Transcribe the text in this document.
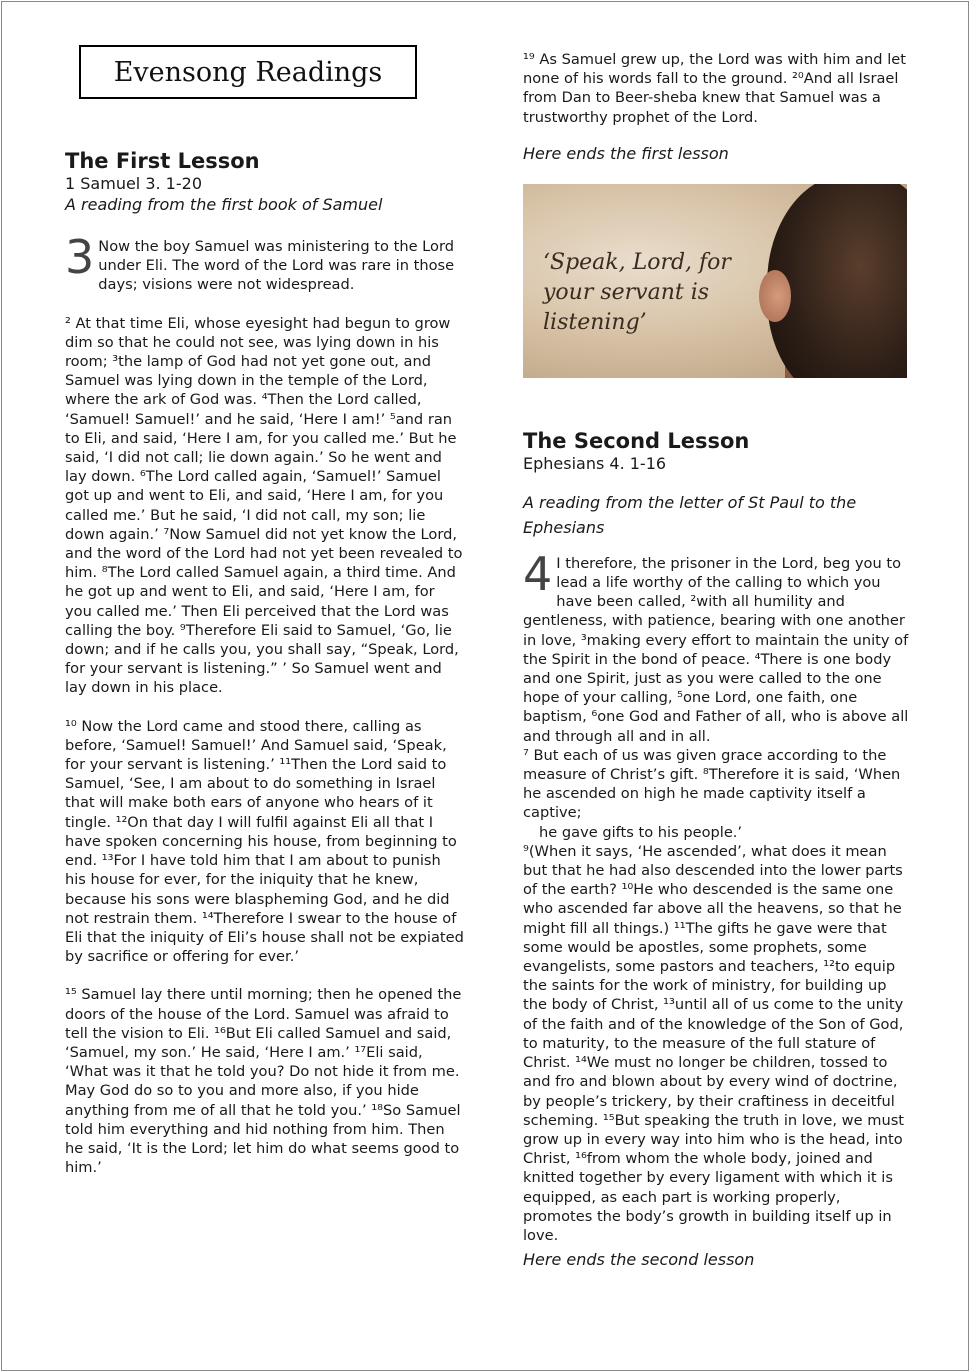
Evensong Readings

The First Lesson

1 Samuel 3. 1-20

A reading from the first book of Samuel

3 Now the boy Samuel was ministering to the Lord under Eli. The word of the Lord was rare in those days; visions were not widespread.

² At that time Eli, whose eyesight had begun to grow dim so that he could not see, was lying down in his room; ³the lamp of God had not yet gone out, and Samuel was lying down in the temple of the Lord, where the ark of God was. ⁴Then the Lord called, ‘Samuel! Samuel!’ and he said, ‘Here I am!’ ⁵and ran to Eli, and said, ‘Here I am, for you called me.’ But he said, ‘I did not call; lie down again.’ So he went and lay down. ⁶The Lord called again, ‘Samuel!’ Samuel got up and went to Eli, and said, ‘Here I am, for you called me.’ But he said, ‘I did not call, my son; lie down again.’ ⁷Now Samuel did not yet know the Lord, and the word of the Lord had not yet been revealed to him. ⁸The Lord called Samuel again, a third time. And he got up and went to Eli, and said, ‘Here I am, for you called me.’ Then Eli perceived that the Lord was calling the boy. ⁹Therefore Eli said to Samuel, ‘Go, lie down; and if he calls you, you shall say, “Speak, Lord, for your servant is listening.” ’ So Samuel went and lay down in his place.

¹⁰ Now the Lord came and stood there, calling as before, ‘Samuel! Samuel!’ And Samuel said, ‘Speak, for your servant is listening.’ ¹¹Then the Lord said to Samuel, ‘See, I am about to do something in Israel that will make both ears of anyone who hears of it tingle. ¹²On that day I will fulfil against Eli all that I have spoken concerning his house, from beginning to end. ¹³For I have told him that I am about to punish his house for ever, for the iniquity that he knew, because his sons were blaspheming God, and he did not restrain them. ¹⁴Therefore I swear to the house of Eli that the iniquity of Eli’s house shall not be expiated by sacrifice or offering for ever.’

¹⁵ Samuel lay there until morning; then he opened the doors of the house of the Lord. Samuel was afraid to tell the vision to Eli. ¹⁶But Eli called Samuel and said, ‘Samuel, my son.’ He said, ‘Here I am.’ ¹⁷Eli said, ‘What was it that he told you? Do not hide it from me. May God do so to you and more also, if you hide anything from me of all that he told you.’ ¹⁸So Samuel told him everything and hid nothing from him. Then he said, ‘It is the Lord; let him do what seems good to him.’

¹⁹ As Samuel grew up, the Lord was with him and let none of his words fall to the ground. ²⁰And all Israel from Dan to Beer-sheba knew that Samuel was a trustworthy prophet of the Lord.

Here ends the first lesson

‘Speak, Lord, for your servant is listening’

The Second Lesson

Ephesians 4. 1-16

A reading from the letter of St Paul to the Ephesians

4 I therefore, the prisoner in the Lord, beg you to lead a life worthy of the calling to which you have been called, ²with all humility and gentleness, with patience, bearing with one another in love, ³making every effort to maintain the unity of the Spirit in the bond of peace. ⁴There is one body and one Spirit, just as you were called to the one hope of your calling, ⁵one Lord, one faith, one baptism, ⁶one God and Father of all, who is above all and through all and in all.

⁷ But each of us was given grace according to the measure of Christ’s gift. ⁸Therefore it is said, ‘When he ascended on high he made captivity itself a captive;

he gave gifts to his people.’

⁹(When it says, ‘He ascended’, what does it mean but that he had also descended into the lower parts of the earth? ¹⁰He who descended is the same one who ascended far above all the heavens, so that he might fill all things.) ¹¹The gifts he gave were that some would be apostles, some prophets, some evangelists, some pastors and teachers, ¹²to equip the saints for the work of ministry, for building up the body of Christ, ¹³until all of us come to the unity of the faith and of the knowledge of the Son of God, to maturity, to the measure of the full stature of Christ. ¹⁴We must no longer be children, tossed to and fro and blown about by every wind of doctrine, by people’s trickery, by their craftiness in deceitful scheming. ¹⁵But speaking the truth in love, we must grow up in every way into him who is the head, into Christ, ¹⁶from whom the whole body, joined and knitted together by every ligament with which it is equipped, as each part is working properly, promotes the body’s growth in building itself up in love.

Here ends the second lesson
